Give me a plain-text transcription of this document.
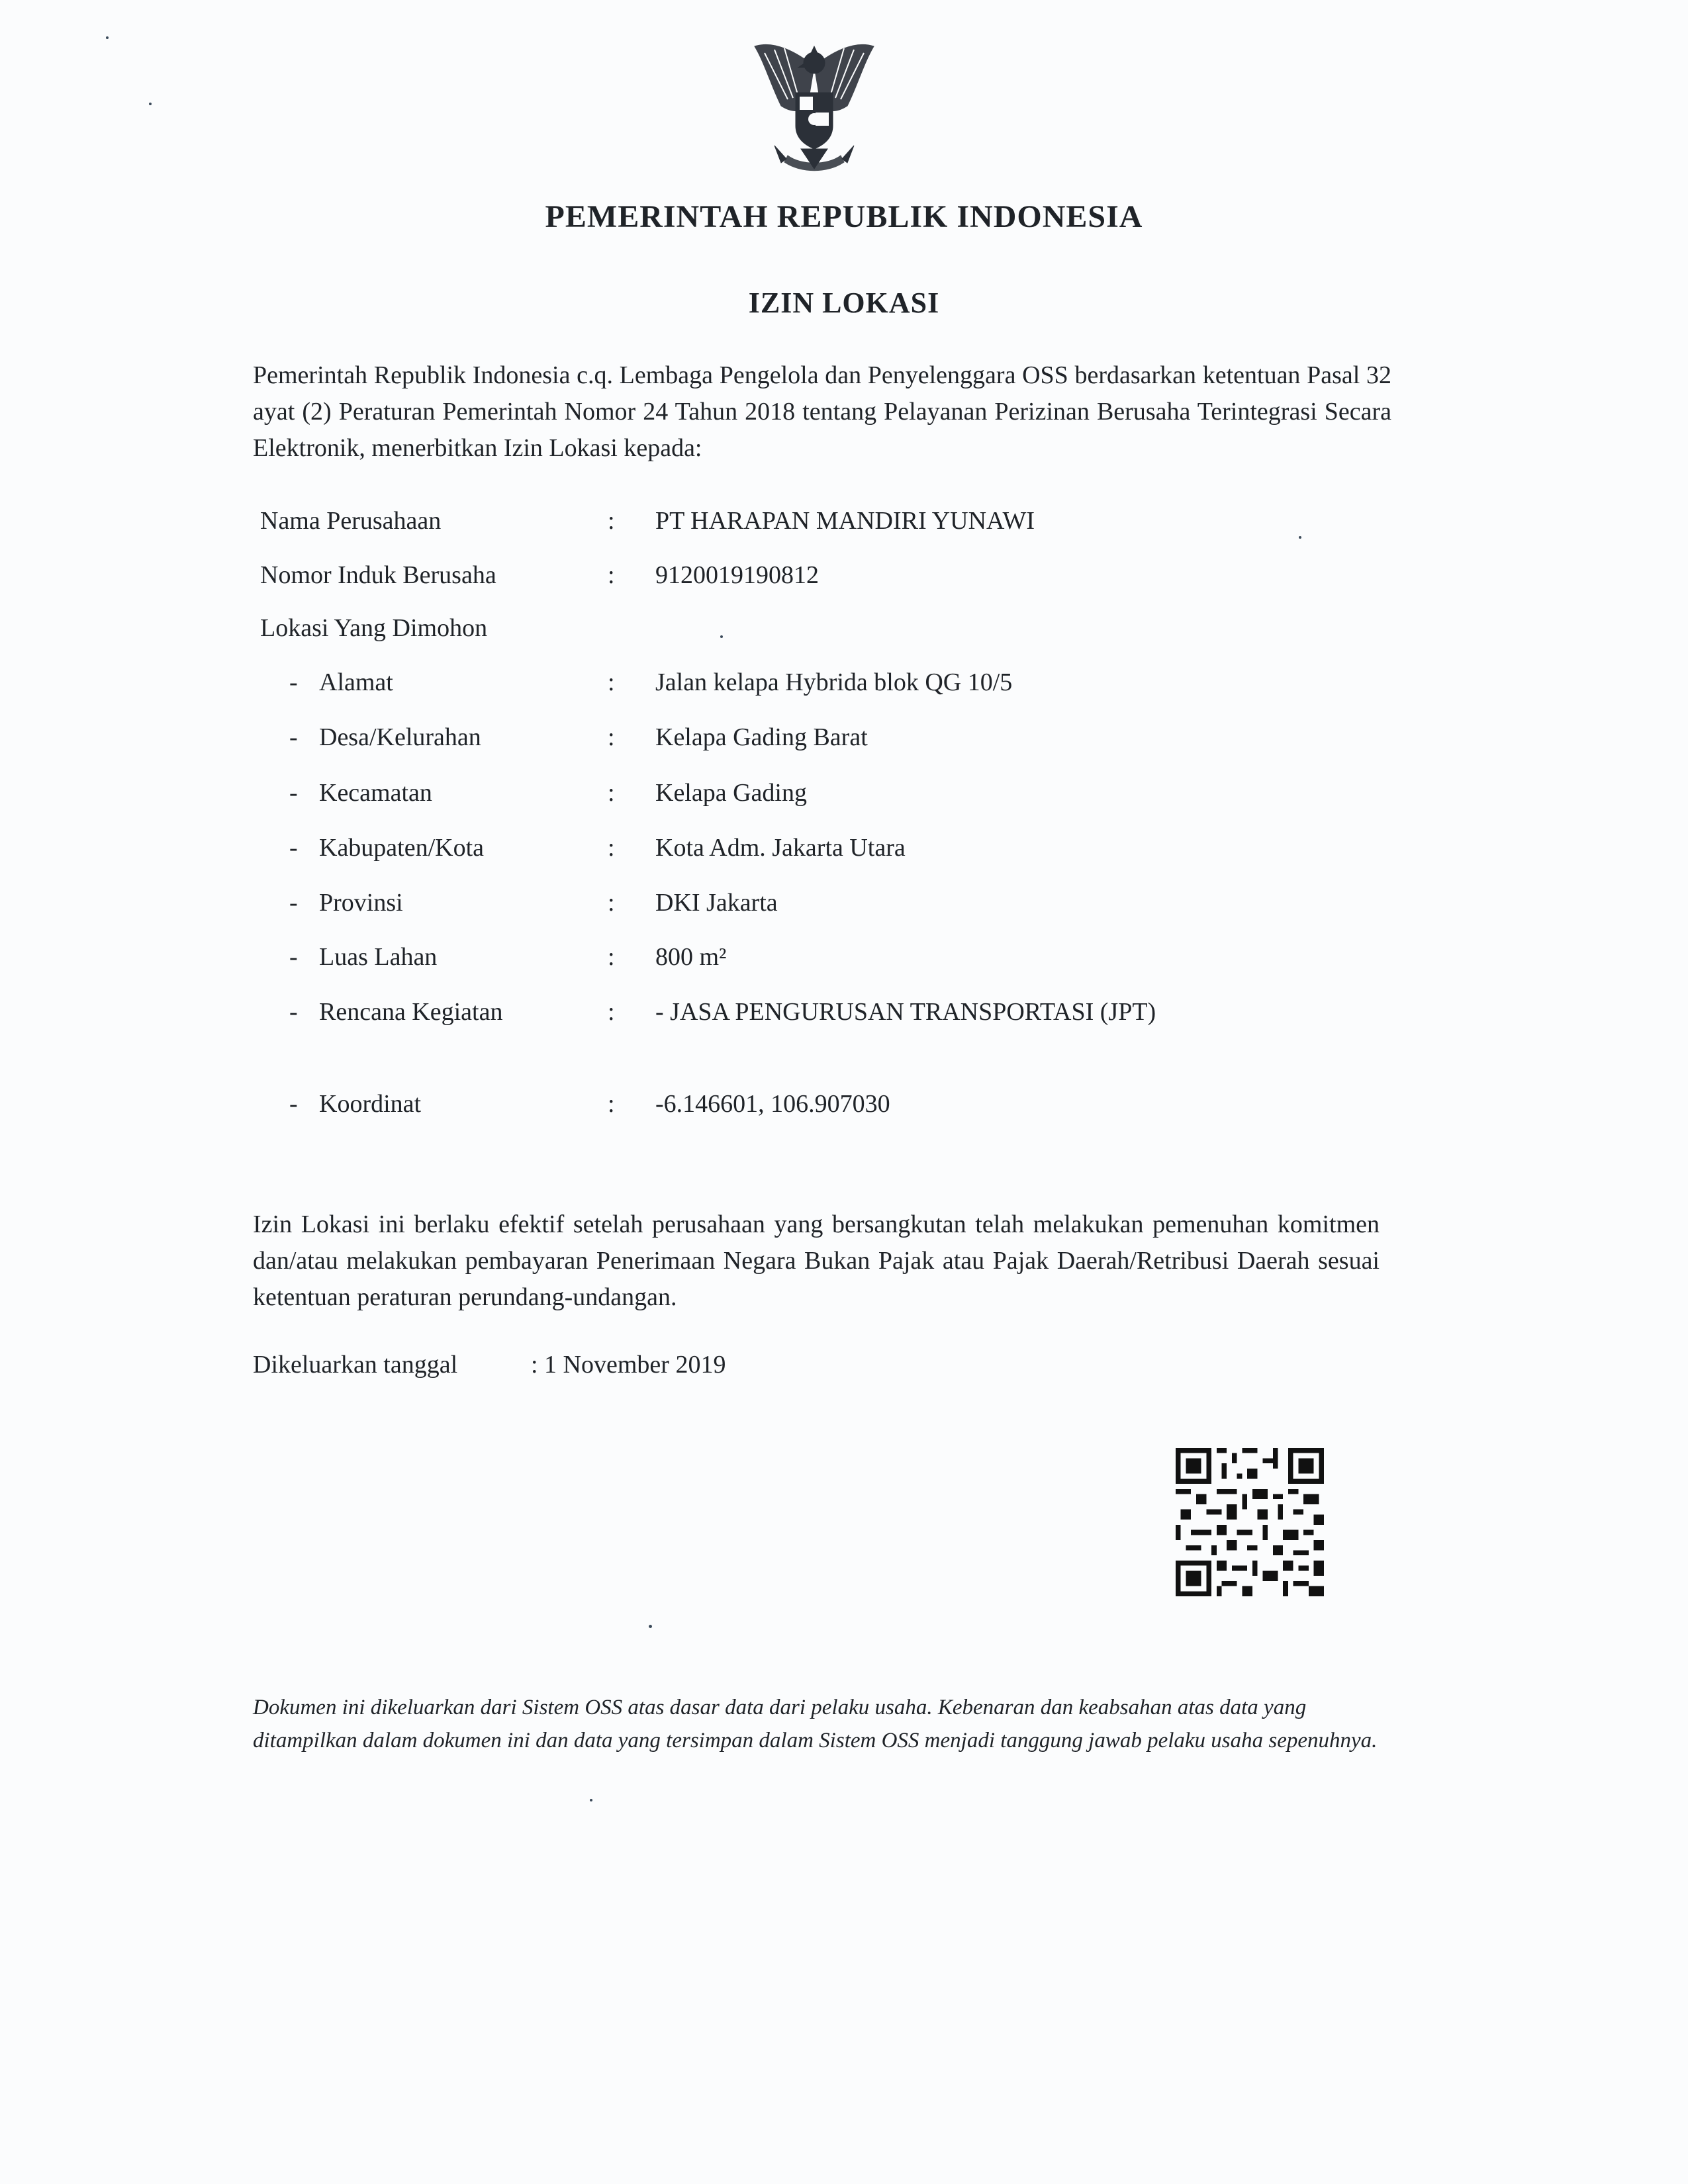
PEMERINTAH REPUBLIK INDONESIA
IZIN LOKASI
Pemerintah Republik Indonesia c.q. Lembaga Pengelola dan Penyelenggara OSS berdasarkan ketentuan Pasal 32 ayat (2) Peraturan Pemerintah Nomor 24 Tahun 2018 tentang Pelayanan Perizinan Berusaha Terintegrasi Secara Elektronik, menerbitkan Izin Lokasi kepada:
Nama Perusahaan	: PT HARAPAN MANDIRI YUNAWI
Nomor Induk Berusaha	: 9120019190812
Lokasi Yang Dimohon
- Alamat	: Jalan kelapa Hybrida blok QG 10/5
- Desa/Kelurahan	: Kelapa Gading Barat
- Kecamatan	: Kelapa Gading
- Kabupaten/Kota	: Kota Adm. Jakarta Utara
- Provinsi	: DKI Jakarta
- Luas Lahan	: 800 m²
- Rencana Kegiatan	: - JASA PENGURUSAN TRANSPORTASI (JPT)
- Koordinat	: -6.146601, 106.907030
Izin Lokasi ini berlaku efektif setelah perusahaan yang bersangkutan telah melakukan pemenuhan komitmen dan/atau melakukan pembayaran Penerimaan Negara Bukan Pajak atau Pajak Daerah/Retribusi Daerah sesuai ketentuan peraturan perundang-undangan.
Dikeluarkan tanggal	: 1 November 2019
Dokumen ini dikeluarkan dari Sistem OSS atas dasar data dari pelaku usaha. Kebenaran dan keabsahan atas data yang ditampilkan dalam dokumen ini dan data yang tersimpan dalam Sistem OSS menjadi tanggung jawab pelaku usaha sepenuhnya.
